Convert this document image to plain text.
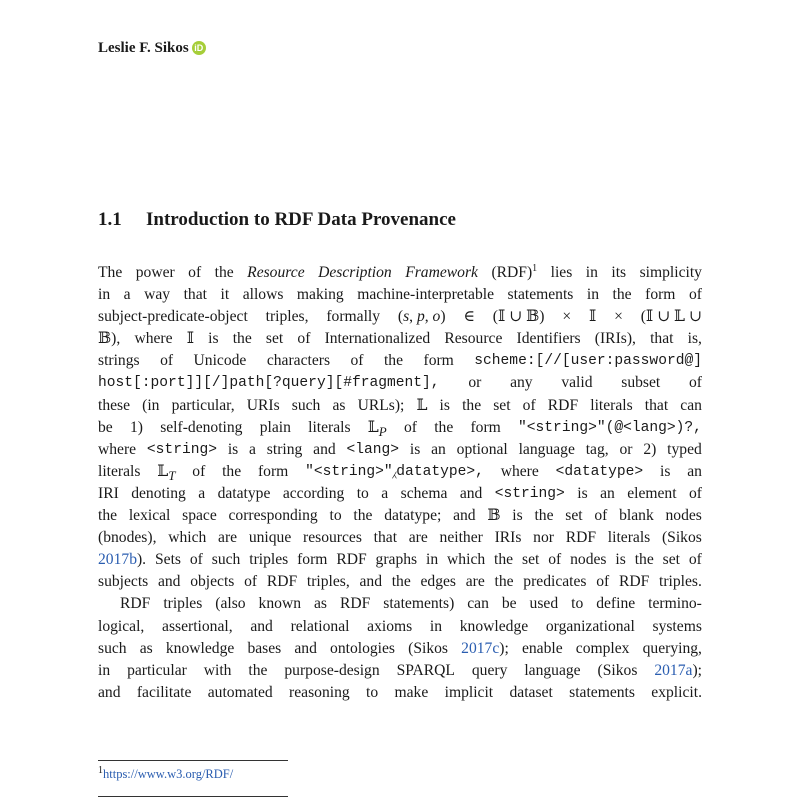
Leslie F. Sikos iD
1.1 Introduction to RDF Data Provenance
The power of the Resource Description Framework (RDF)$^1$ lies in its simplicity
in a way that it allows making machine-interpretable statements in the form of
subject-predicate-object triples, formally (s, p, o) ∈ (𝕀 ∪ 𝔹) × 𝕀 × (𝕀 ∪ 𝕃 ∪
𝔹), where 𝕀 is the set of Internationalized Resource Identifiers (IRIs), that is,
strings of Unicode characters of the form scheme:[//[user:password@]
host[:port]][/]path[?query][#fragment], or any valid subset of
these (in particular, URIs such as URLs); 𝕃 is the set of RDF literals that can
be 1) self-denoting plain literals 𝕃$_P$ of the form "<string>"(@<lang>)?,
where <string> is a string and <lang> is an optional language tag, or 2) typed
literals 𝕃$_T$ of the form "<string>"⁁datatype>, where <datatype> is an
IRI denoting a datatype according to a schema and <string> is an element of
the lexical space corresponding to the datatype; and 𝔹 is the set of blank nodes
(bnodes), which are unique resources that are neither IRIs nor RDF literals (Sikos
2017b). Sets of such triples form RDF graphs in which the set of nodes is the set of
subjects and objects of RDF triples, and the edges are the predicates of RDF triples.
RDF triples (also known as RDF statements) can be used to define termino-
logical, assertional, and relational axioms in knowledge organizational systems
such as knowledge bases and ontologies (Sikos 2017c); enable complex querying,
in particular with the purpose-design SPARQL query language (Sikos 2017a);
and facilitate automated reasoning to make implicit dataset statements explicit.
$^1$https://www.w3.org/RDF/
